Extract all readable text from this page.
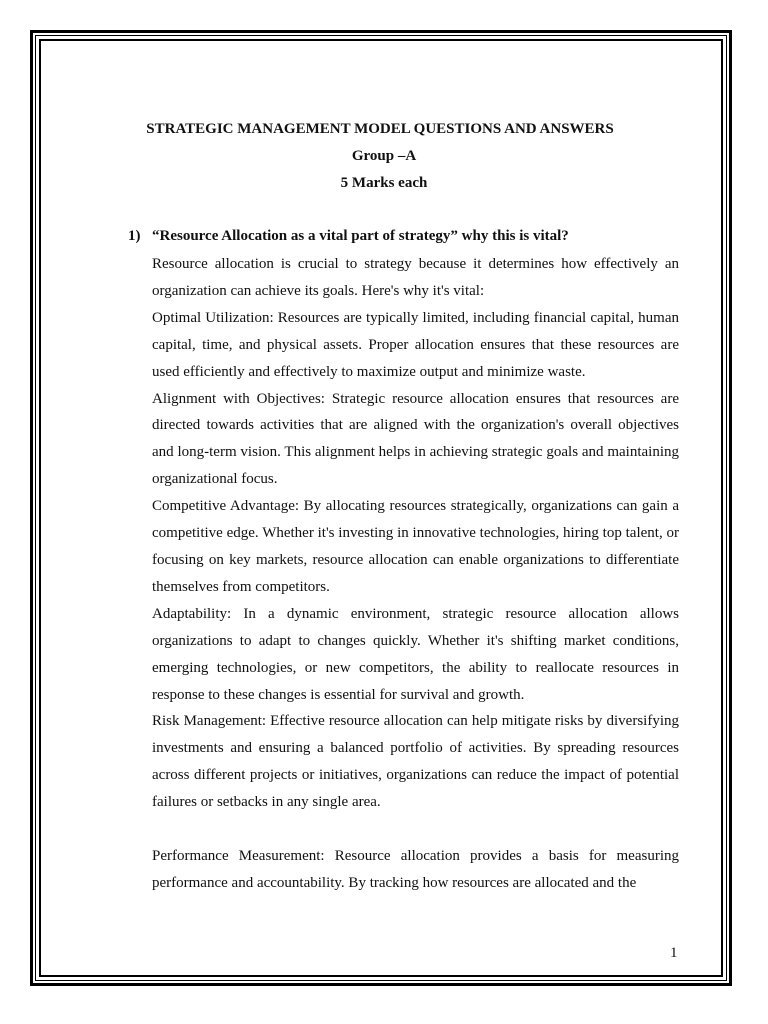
STRATEGIC MANAGEMENT MODEL QUESTIONS AND ANSWERS
Group –A
5 Marks each
1) “Resource Allocation as a vital part of strategy” why this is vital?

Resource allocation is crucial to strategy because it determines how effectively an organization can achieve its goals. Here's why it's vital:

Optimal Utilization: Resources are typically limited, including financial capital, human capital, time, and physical assets. Proper allocation ensures that these resources are used efficiently and effectively to maximize output and minimize waste.

Alignment with Objectives: Strategic resource allocation ensures that resources are directed towards activities that are aligned with the organization's overall objectives and long-term vision. This alignment helps in achieving strategic goals and maintaining organizational focus.

Competitive Advantage: By allocating resources strategically, organizations can gain a competitive edge. Whether it's investing in innovative technologies, hiring top talent, or focusing on key markets, resource allocation can enable organizations to differentiate themselves from competitors.

Adaptability: In a dynamic environment, strategic resource allocation allows organizations to adapt to changes quickly. Whether it's shifting market conditions, emerging technologies, or new competitors, the ability to reallocate resources in response to these changes is essential for survival and growth.

Risk Management: Effective resource allocation can help mitigate risks by diversifying investments and ensuring a balanced portfolio of activities. By spreading resources across different projects or initiatives, organizations can reduce the impact of potential failures or setbacks in any single area.

Performance Measurement: Resource allocation provides a basis for measuring performance and accountability. By tracking how resources are allocated and the

1
